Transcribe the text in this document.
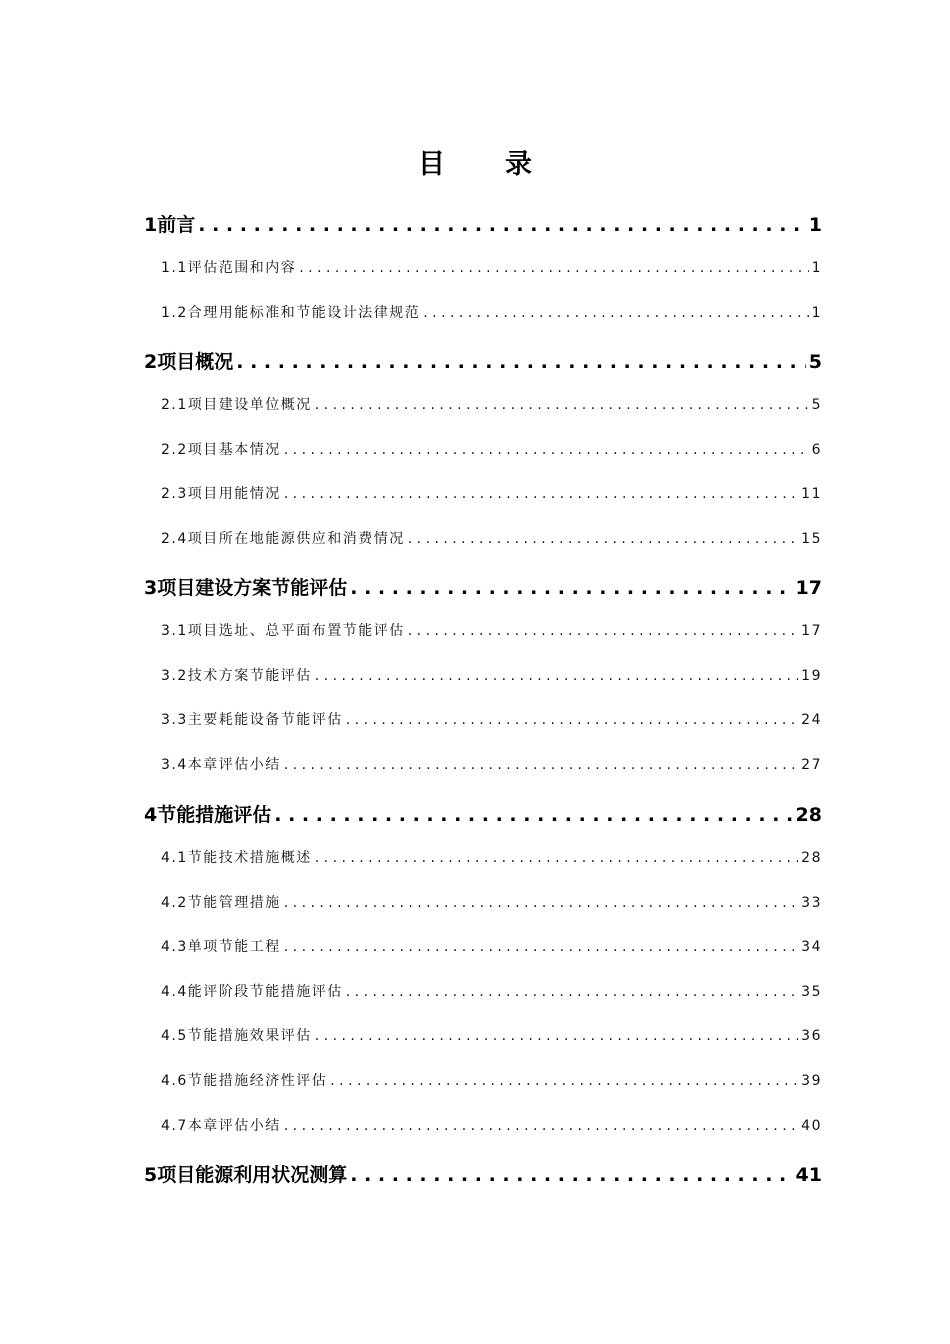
目录
1 前言 . . .	1
1.1 评估范围和内容 . . .	1
1.2 合理用能标准和节能设计法律规范 . . .	1
2 项目概况 . . .	5
2.1 项目建设单位概况 . . .	5
2.2 项目基本情况 . . .	6
2.3 项目用能情况 . . .	11
2.4 项目所在地能源供应和消费情况 . . .	15
3 项目建设方案节能评估 . . .	17
3.1 项目选址、总平面布置节能评估 . . .	17
3.2 技术方案节能评估 . . .	19
3.3 主要耗能设备节能评估 . . .	24
3.4 本章评估小结 . . .	27
4 节能措施评估 . . .	28
4.1 节能技术措施概述 . . .	28
4.2 节能管理措施 . . .	33
4.3 单项节能工程 . . .	34
4.4 能评阶段节能措施评估 . . .	35
4.5 节能措施效果评估 . . .	36
4.6 节能措施经济性评估 . . .	39
4.7 本章评估小结 . . .	40
5 项目能源利用状况测算 . . .	41
